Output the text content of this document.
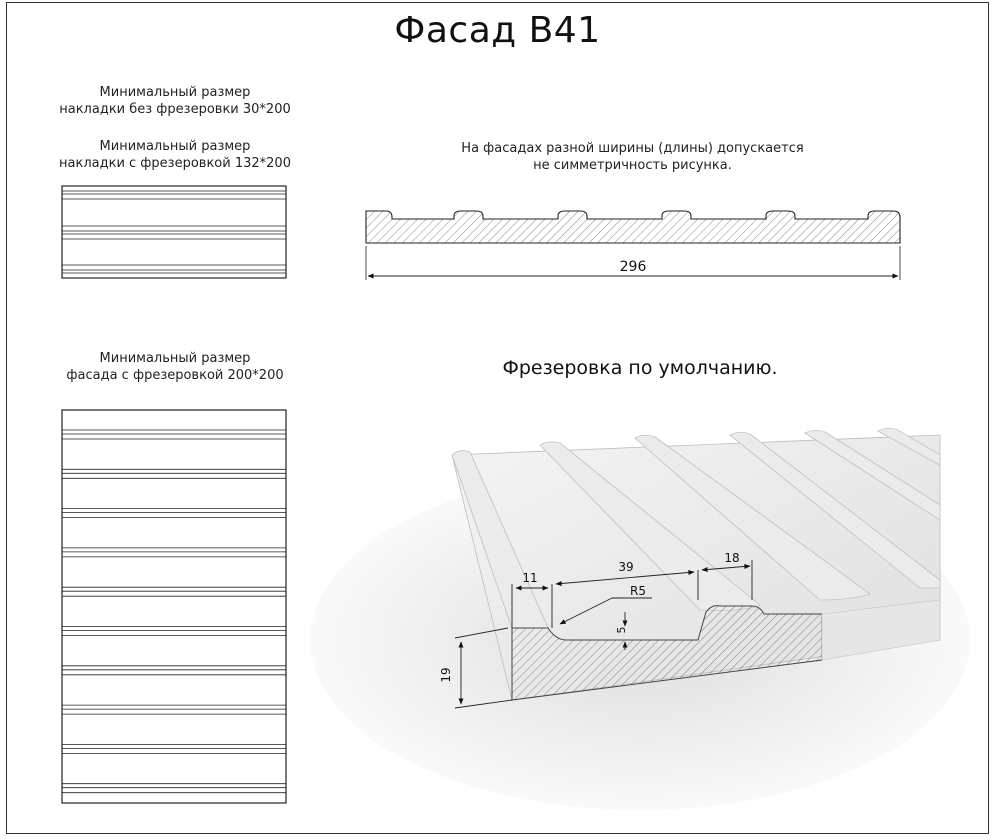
Фасад В41
Минимальный размер
накладки без фрезеровки 30*200
Минимальный размер
накладки с фрезеровкой 132*200
На фасадах разной ширины (длины) допускается
не симметричность рисунка.
Минимальный размер
фасада с фрезеровкой 200*200	Фрезеровка по умолчанию.
296
11
39
18
R5
5
19
